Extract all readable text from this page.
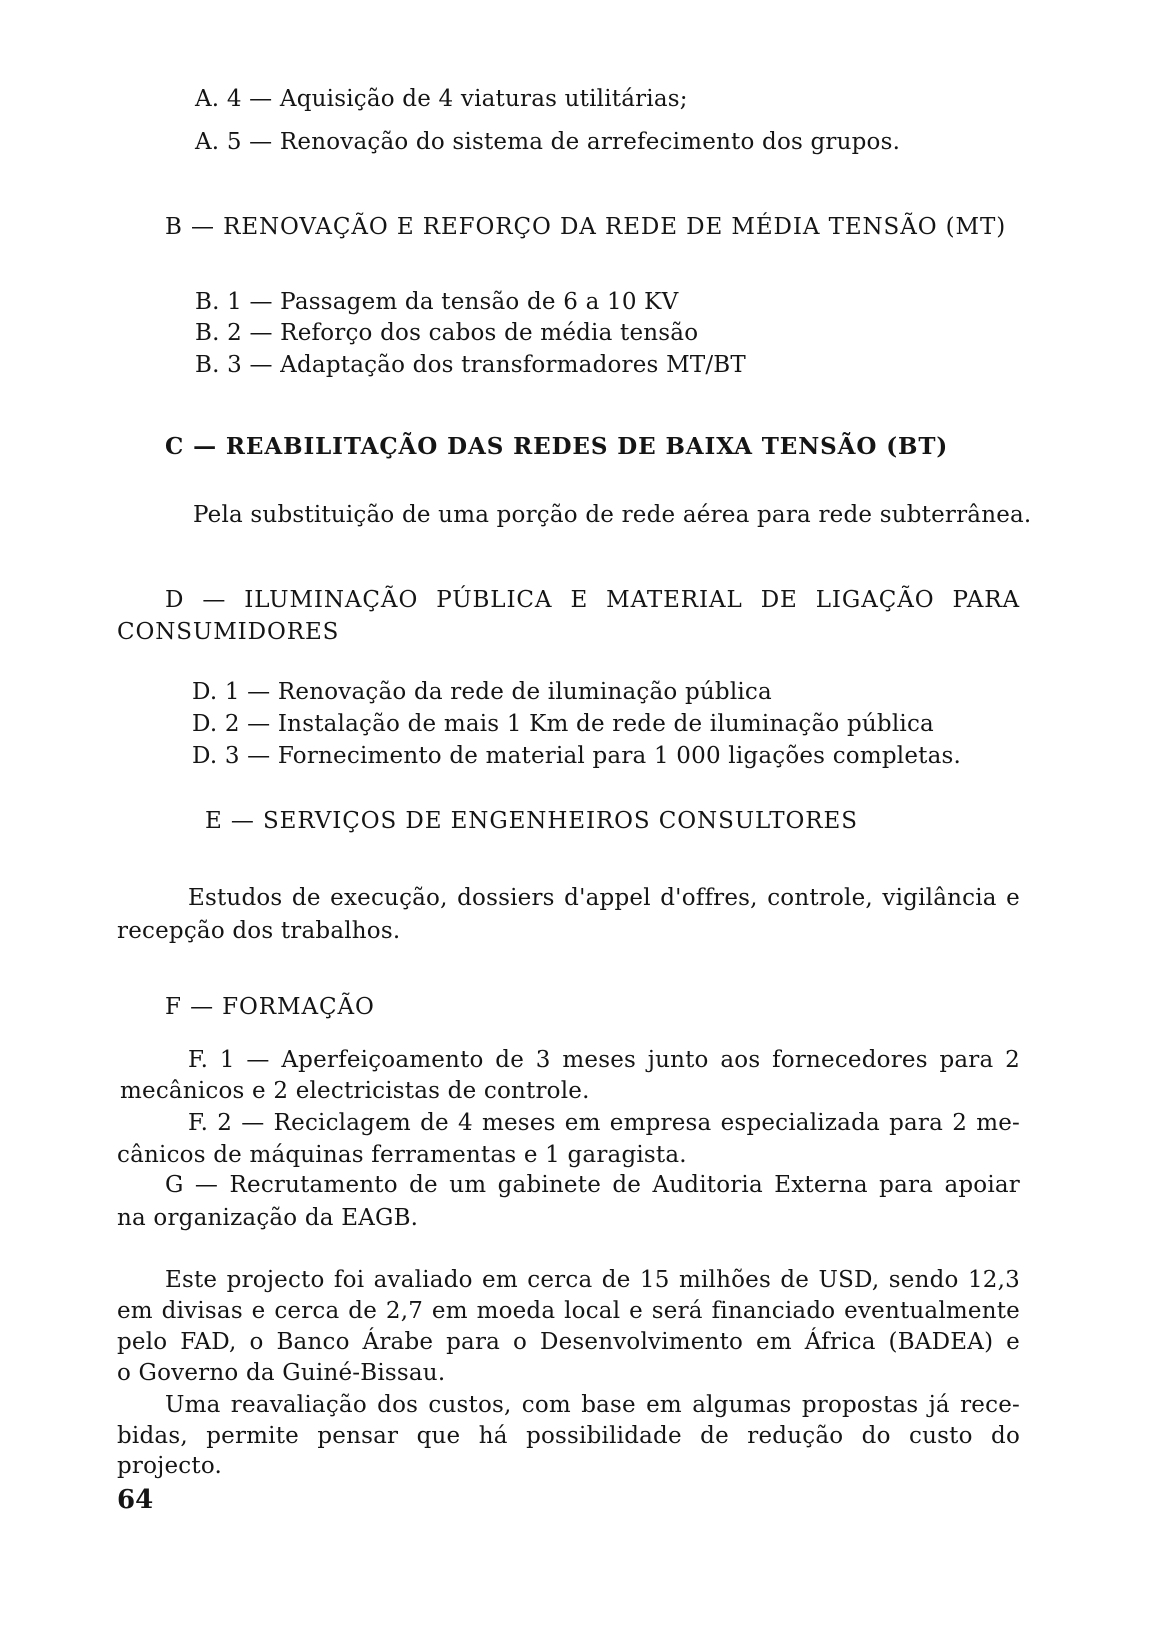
A. 4 — Aquisição de 4 viaturas utilitárias;
A. 5 — Renovação do sistema de arrefecimento dos grupos.
B — RENOVAÇÃO E REFORÇO DA REDE DE MÉDIA TENSÃO (MT)
B. 1 — Passagem da tensão de 6 a 10 KV
B. 2 — Reforço dos cabos de média tensão
B. 3 — Adaptação dos transformadores MT/BT
C — REABILITAÇÃO DAS REDES DE BAIXA TENSÃO (BT)
Pela substituição de uma porção de rede aérea para rede subterrânea.
D — ILUMINAÇÃO PÚBLICA E MATERIAL DE LIGAÇÃO PARA
CONSUMIDORES
D. 1 — Renovação da rede de iluminação pública
D. 2 — Instalação de mais 1 Km de rede de iluminação pública
D. 3 — Fornecimento de material para 1 000 ligações completas.
E — SERVIÇOS DE ENGENHEIROS CONSULTORES
Estudos de execução, dossiers d'appel d'offres, controle, vigilância e
recepção dos trabalhos.
F — FORMAÇÃO
F. 1 — Aperfeiçoamento de 3 meses junto aos fornecedores para 2
mecânicos e 2 electricistas de controle.
F. 2 — Reciclagem de 4 meses em empresa especializada para 2 me-
cânicos de máquinas ferramentas e 1 garagista.
G — Recrutamento de um gabinete de Auditoria Externa para apoiar
na organização da EAGB.
Este projecto foi avaliado em cerca de 15 milhões de USD, sendo 12,3
em divisas e cerca de 2,7 em moeda local e será financiado eventualmente
pelo FAD, o Banco Árabe para o Desenvolvimento em África (BADEA) e
o Governo da Guiné-Bissau.
Uma reavaliação dos custos, com base em algumas propostas já rece-
bidas, permite pensar que há possibilidade de redução do custo do projecto.
64
